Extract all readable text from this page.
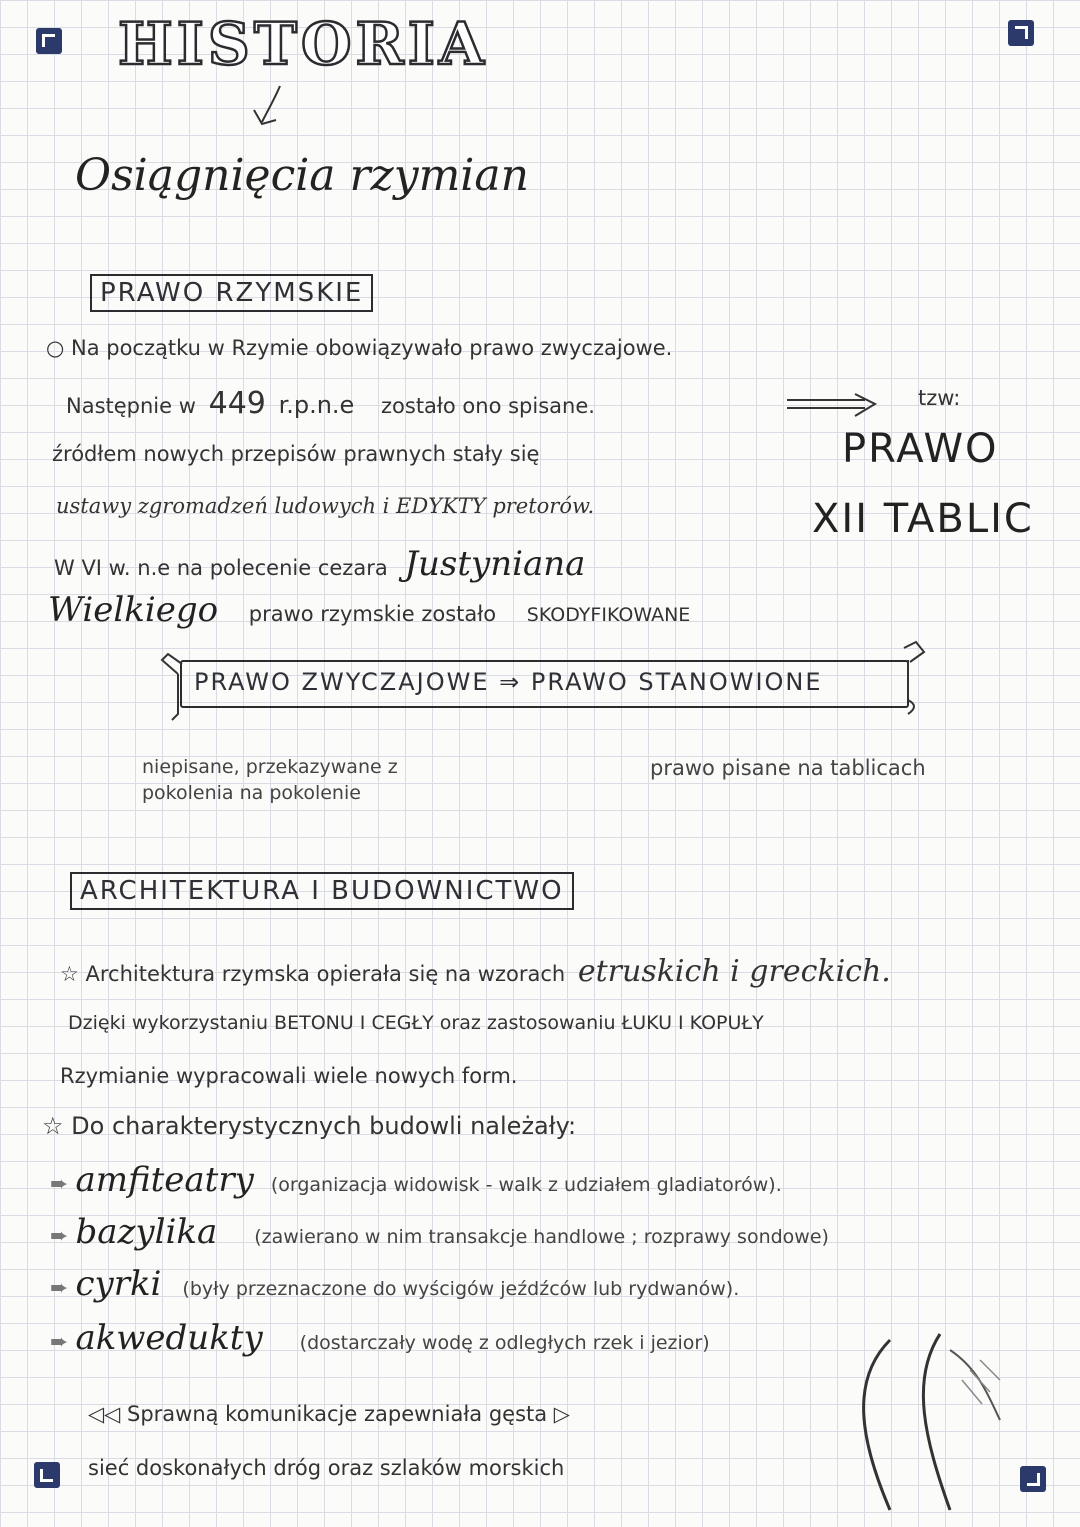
HISTORIA
Osiągnięcia rzymian
PRAWO RZYMSKIE
○ Na początku w Rzymie obowiązywało prawo zwyczajowe.
Następnie w 449 r.p.n.e zostało ono spisane.	tzw:
źródłem nowych przepisów prawnych stały się	PRAWO
ustawy zgromadzeń ludowych i EDYKTY pretorów.	XII TABLIC
W VI w. n.e na polecenie cezara Justyniana
Wielkiego prawo rzymskie zostało SKODYFIKOWANE
PRAWO ZWYCZAJOWE ⇒ PRAWO STANOWIONE
niepisane, przekazywane z
pokolenia na pokolenie
prawo pisane na tablicach
ARCHITEKTURA I BUDOWNICTWO
☆ Architektura rzymska opierała się na wzorach etruskich i greckich.
Dzięki wykorzystaniu BETONU I CEGŁY oraz zastosowaniu ŁUKU I KOPUŁY
Rzymianie wypracowali wiele nowych form.
☆ Do charakterystycznych budowli należały:
➨ amfiteatry (organizacja widowisk - walk z udziałem gladiatorów).
➨ bazylika (zawierano w nim transakcje handlowe ; rozprawy sondowe)
➨ cyrki (były przeznaczone do wyścigów jeźdźców lub rydwanów).
➨ akwedukty (dostarczały wodę z odległych rzek i jezior)
◁◁ Sprawną komunikacje zapewniała gęsta ▷
sieć doskonałych dróg oraz szlaków morskich
